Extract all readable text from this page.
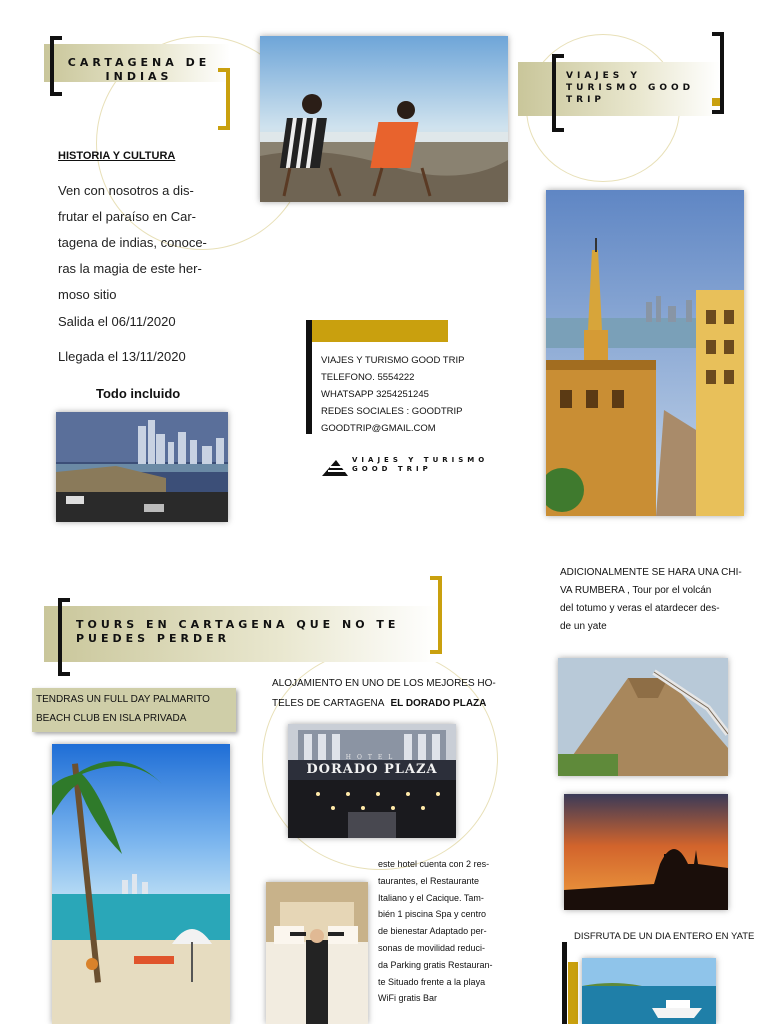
CARTAGENA DE INDIAS	VIAJES Y TURISMO GOOD TRIP
HISTORIA Y CULTURA
Ven con nosotros a dis-
frutar el paraíso en Car-
tagena de indias, conoce-
ras la magia de este her-
moso sitio
Salida el 06/11/2020
Llegada el 13/11/2020
Todo incluido
VIAJES Y TURISMO GOOD TRIP
TELEFONO. 5554222
WHATSAPP 3254251245
REDES SOCIALES : GOODTRIP
GOODTRIP@GMAIL.COM
VIAJES Y TURISMO
GOOD TRIP
ADICIONALMENTE SE HARA UNA CHI-
VA RUMBERA , Tour por el volcán
del totumo y veras el atardecer des-
de un yate
TOURS EN CARTAGENA QUE NO TE
PUEDES PERDER
TENDRAS UN FULL DAY PALMARITO
BEACH CLUB EN ISLA PRIVADA
ALOJAMIENTO EN UNO DE LOS MEJORES HO-
TELES DE CARTAGENA EL DORADO PLAZA
HOTEL
DORADO PLAZA
este hotel cuenta con 2 res-
taurantes, el Restaurante
Italiano y el Cacique. Tam-
bién 1 piscina Spa y centro
de bienestar Adaptado per-
sonas de movilidad reduci-
da Parking gratis Restauran-
te Situado frente a la playa
WiFi gratis Bar
DISFRUTA DE UN DIA ENTERO EN YATE
